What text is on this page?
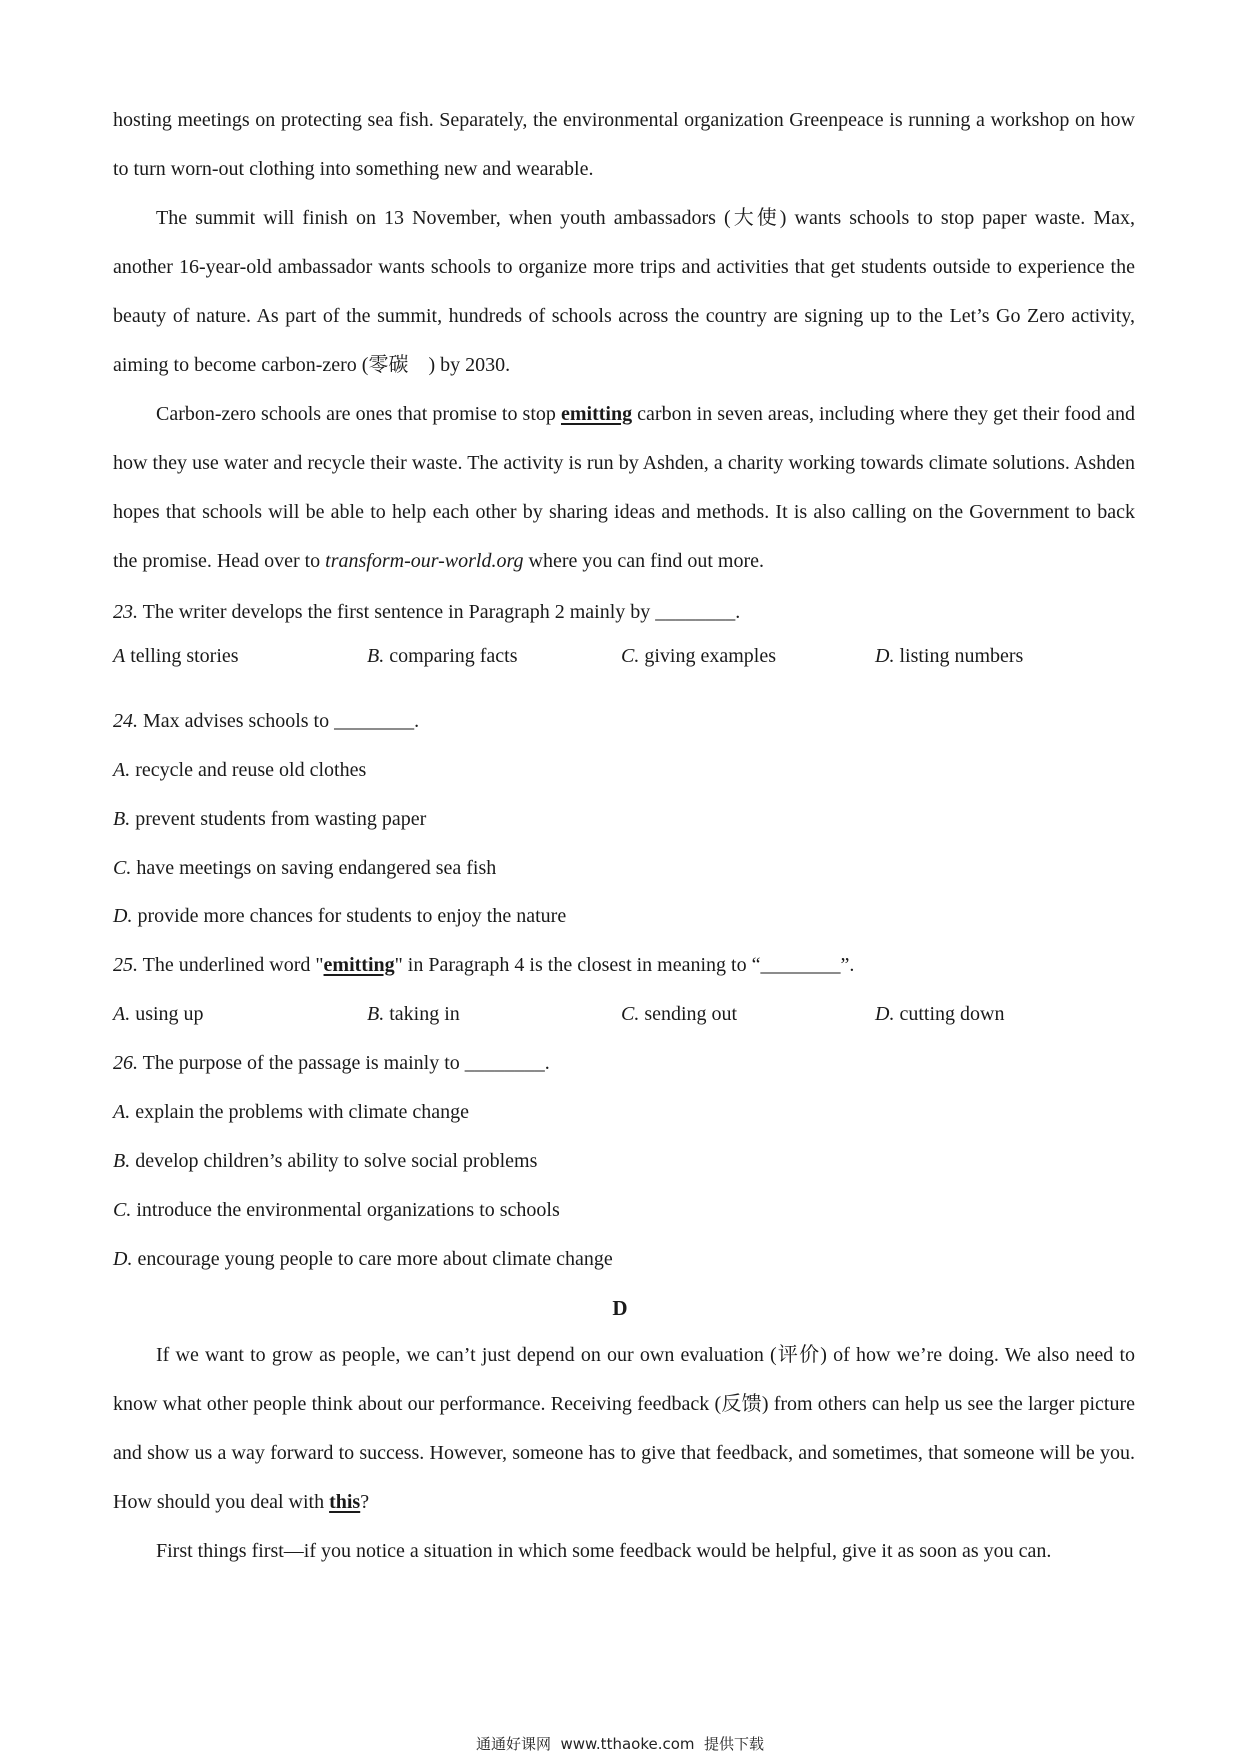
hosting meetings on protecting sea fish. Separately, the environmental organization Greenpeace is running a workshop on how to turn worn-out clothing into something new and wearable.

The summit will finish on 13 November, when youth ambassadors (大使) wants schools to stop paper waste. Max, another 16-year-old ambassador wants schools to organize more trips and activities that get students outside to experience the beauty of nature. As part of the summit, hundreds of schools across the country are signing up to the Let’s Go Zero activity, aiming to become carbon-zero (零碳　) by 2030.

Carbon-zero schools are ones that promise to stop emitting carbon in seven areas, including where they get their food and how they use water and recycle their waste. The activity is run by Ashden, a charity working towards climate solutions. Ashden hopes that schools will be able to help each other by sharing ideas and methods. It is also calling on the Government to back the promise. Head over to transform-our-world.org where you can find out more.

23. The writer develops the first sentence in Paragraph 2 mainly by ________.

A telling stories	B. comparing facts	C. giving examples	D. listing numbers

24. Max advises schools to ________.

A. recycle and reuse old clothes
B. prevent students from wasting paper
C. have meetings on saving endangered sea fish
D. provide more chances for students to enjoy the nature

25. The underlined word "emitting" in Paragraph 4 is the closest in meaning to “________”.

A. using up	B. taking in	C. sending out	D. cutting down

26. The purpose of the passage is mainly to ________.

A. explain the problems with climate change
B. develop children’s ability to solve social problems
C. introduce the environmental organizations to schools
D. encourage young people to care more about climate change
D

If we want to grow as people, we can’t just depend on our own evaluation (评价) of how we’re doing. We also need to know what other people think about our performance. Receiving feedback (反馈) from others can help us see the larger picture and show us a way forward to success. However, someone has to give that feedback, and sometimes, that someone will be you. How should you deal with this?

First things first—if you notice a situation in which some feedback would be helpful, give it as soon as you can.

通通好课网  www.tthaoke.com  提供下载
